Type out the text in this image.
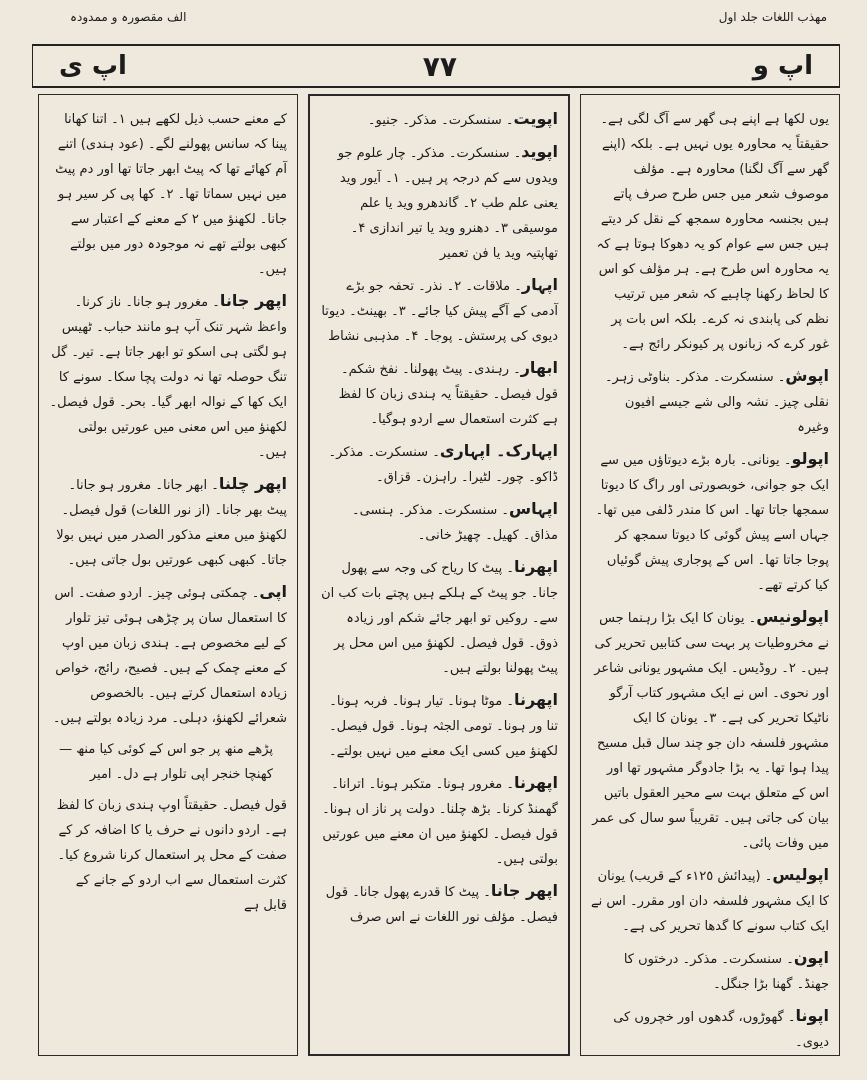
الف مقصورہ و ممدودہ	مھذب اللغات جلد اول
اپ ی	٧٧	اپ و

یوں لکھا ہے اپنے ہی گھر سے آگ لگی ہے۔ حقیقتاً یہ محاورہ یوں نہیں ہے۔ بلکہ (اپنے گھر سے آگ لگنا) محاورہ ہے۔ مؤلف موصوف شعر میں جس طرح صرف پاتے ہیں بجنسہ محاورہ سمجھ کے نقل کر دیتے ہیں جس سے عوام کو یہ دھوکا ہوتا ہے کہ یہ محاورہ اس طرح ہے۔ ہر مؤلف کو اس کا لحاظ رکھنا چاہیے کہ شعر میں ترتیب نظم کی پابندی نہ کرے۔ بلکہ اس بات پر غور کرے کہ زبانوں پر کیونکر رائج ہے۔

اپوش۔ سنسکرت۔ مذکر۔ بناوٹی زہر۔ نقلی چیز۔ نشہ والی شے جیسے افیون وغیرہ

اپولو۔ یونانی۔ بارہ بڑے دیوتاؤں میں سے ایک جو جوانی، خوبصورتی اور راگ کا دیوتا سمجھا جاتا تھا۔ اس کا مندر ڈلفی میں تھا۔ جہاں اسے پیش گوئی کا دیوتا سمجھ کر پوجا جاتا تھا۔ اس کے پوجاری پیش گوئیاں کیا کرتے تھے۔

اپولونیس۔ یونان کا ایک بڑا رہنما جس نے مخروطیات پر بہت سی کتابیں تحریر کی ہیں۔ ٢۔ روڈیس۔ ایک مشہور یونانی شاعر اور نحوی۔ اس نے ایک مشہور کتاب آرگو ناٹیکا تحریر کی ہے۔ ٣۔ یونان کا ایک مشہور فلسفہ دان جو چند سال قبل مسیح پیدا ہوا تھا۔ یہ بڑا جادوگر مشہور تھا اور اس کے متعلق بہت سے محیر العقول باتیں بیان کی جاتی ہیں۔ تقریباً سو سال کی عمر میں وفات پائی۔

اپولیس۔ (پیدائش ١٢٥ء کے قریب) یونان کا ایک مشہور فلسفہ دان اور مقرر۔ اس نے ایک کتاب سونے کا گدھا تحریر کی ہے۔

اپون۔ سنسکرت۔ مذکر۔ درختوں کا جھنڈ۔ گھنا بڑا جنگل۔

اپونا۔ گھوڑوں، گدھوں اور خچروں کی دیوی۔

اپویت۔ سنسکرت۔ مذکر۔ جنیو۔

اپوید۔ سنسکرت۔ مذکر۔ چار علوم جو ویدوں سے کم درجہ پر ہیں۔ ١۔ آیور وید یعنی علم طب ٢۔ گاندھرو وید یا علم موسیقی ٣۔ دھنرو وید یا تیر اندازی ۴۔ تھاپتیہ وید یا فن تعمیر

اپہار۔ ملاقات۔ ٢۔ نذر۔ تحفہ جو بڑے آدمی کے آگے پیش کیا جائے۔ ٣۔ بھینٹ۔ دیوتا دیوی کی پرستش۔ پوجا۔ ۴۔ مذہبی نشاط

ابھار۔ رہندی۔ پیٹ پھولنا۔ نفخ شکم۔ قول فیصل۔ حقیقتاً یہ ہندی زبان کا لفظ ہے کثرت استعمال سے اردو ہوگیا۔

اپہارک۔ اپہاری۔ سنسکرت۔ مذکر۔ ڈاکو۔ چور۔ لٹیرا۔ راہزن۔ قزاق۔

اپہاس۔ سنسکرت۔ مذکر۔ ہنسی۔ مذاق۔ کھیل۔ چھیڑ خانی۔

اپھرنا۔ پیٹ کا ریاح کی وجہ سے پھول جانا۔ جو پیٹ کے ہلکے ہیں پچتے بات کب ان سے۔ روکیں تو ابھر جائے شکم اور زیادہ ذوق۔ قول فیصل۔ لکھنؤ میں اس محل پر پیٹ پھولنا بولتے ہیں۔

اپھرنا۔ موٹا ہونا۔ تیار ہونا۔ فربہ ہونا۔ تنا ور ہونا۔ تومی الجثہ ہونا۔ قول فیصل۔ لکھنؤ میں کسی ایک معنے میں نہیں بولتے۔

اپھرنا۔ مغرور ہونا۔ متکبر ہونا۔ اترانا۔ گھمنڈ کرنا۔ بڑھ چلنا۔ دولت پر ناز اں ہونا۔ قول فیصل۔ لکھنؤ میں ان معنے میں عورتیں بولتی ہیں۔

اپھر جانا۔ پیٹ کا قدرے پھول جانا۔ قول فیصل۔ مؤلف نور اللغات نے اس صرف

کے معنے حسب ذیل لکھے ہیں ١۔ اتنا کھانا پینا کہ سانس پھولنے لگے۔ (عود ہندی) اتنے آم کھائے تھا کہ پیٹ ابھر جاتا تھا اور دم پیٹ میں نہیں سماتا تھا۔ ٢۔ کھا پی کر سیر ہو جانا۔ لکھنؤ میں ٢ کے معنے کے اعتبار سے کبھی بولتے تھے نہ موجودہ دور میں بولتے ہیں۔

اپھر جانا۔ مغرور ہو جانا۔ ناز کرنا۔ واعظ شہر تنک آپ ہو مانند حباب۔ ٹھیس ہو لگتی ہی اسکو تو ابھر جاتا ہے۔ تیر۔ گل تنگ حوصلہ تھا نہ دولت پچا سکا۔ سونے کا ایک کھا کے نوالہ ابھر گیا۔ بحر۔ قول فیصل۔ لکھنؤ میں اس معنی میں عورتیں بولتی ہیں۔

اپھر چلنا۔ ابھر جانا۔ مغرور ہو جانا۔ پیٹ بھر جانا۔ (از نور اللغات) قول فیصل۔ لکھنؤ میں معنے مذکور الصدر میں نہیں بولا جاتا۔ کبھی کبھی عورتیں بول جاتی ہیں۔

اپی۔ چمکتی ہوئی چیز۔ اردو صفت۔ اس کا استعمال سان پر چڑھی ہوئی تیز تلوار کے لیے مخصوص ہے۔ ہندی زبان میں اوپ کے معنے چمک کے ہیں۔ فصیح، رائج، خواص زیادہ استعمال کرتے ہیں۔ بالخصوص شعرائے لکھنؤ، دہلی۔ مرد زیادہ بولتے ہیں۔

پڑھے منھ پر جو اس کے کوئی کیا منھ — کھنچا خنجر اپی تلوار ہے دل۔ امیر

قول فیصل۔ حقیقتاً اوپ ہندی زبان کا لفظ ہے۔ اردو دانوں نے حرف یا کا اضافہ کر کے صفت کے محل پر استعمال کرنا شروع کیا۔ کثرت استعمال سے اب اردو کے جانے کے قابل ہے
